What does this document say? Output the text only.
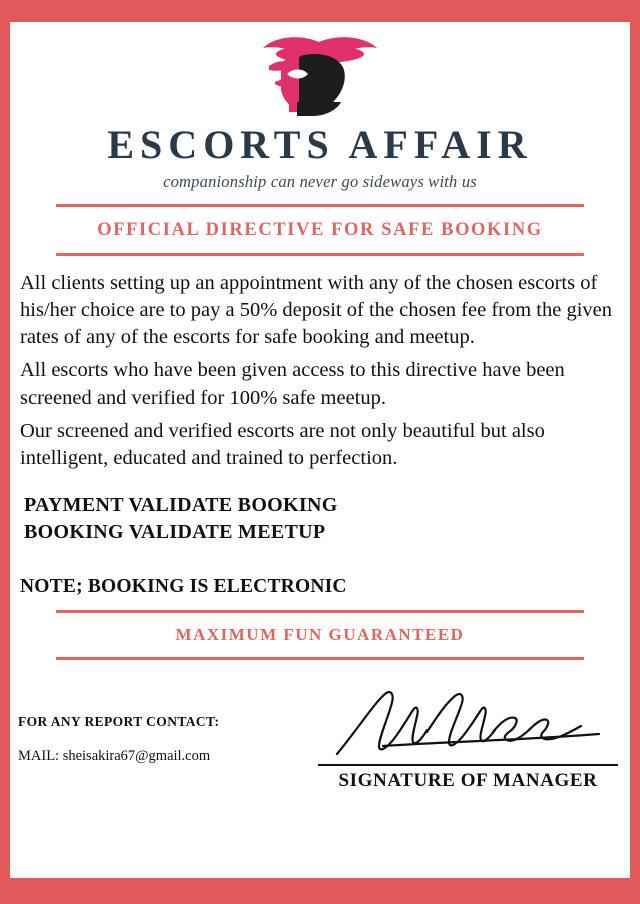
ESCORTS AFFAIR
companionship can never go sideways with us
OFFICIAL DIRECTIVE FOR SAFE BOOKING

All clients setting up an appointment with any of the chosen escorts of his/her choice are to pay a 50% deposit of the chosen fee from the given rates of any of the escorts for safe booking and meetup.

All escorts who have been given access to this directive have been screened and verified for 100% safe meetup.

Our screened and verified escorts are not only beautiful but also intelligent, educated and trained to perfection.

PAYMENT VALIDATE BOOKING
BOOKING VALIDATE MEETUP
NOTE; BOOKING IS ELECTRONIC
MAXIMUM FUN GUARANTEED
FOR ANY REPORT CONTACT:
MAIL: sheisakira67@gmail.com
SIGNATURE OF MANAGER
